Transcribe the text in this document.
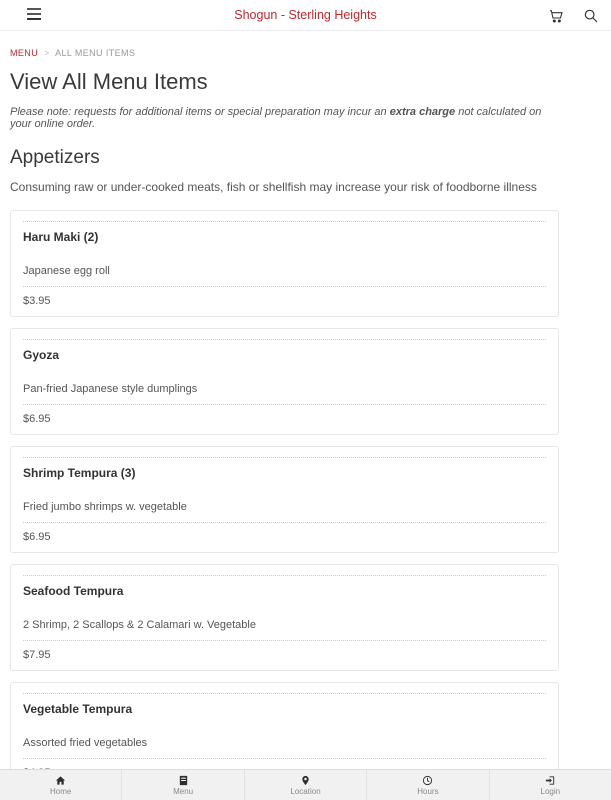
Shogun - Sterling Heights
MENU > ALL MENU ITEMS
View All Menu Items

Please note: requests for additional items or special preparation may incur an extra charge not calculated on your online order.

Appetizers

Consuming raw or under-cooked meats, fish or shellfish may increase your risk of foodborne illness

Haru Maki (2)
Japanese egg roll
$3.95
Gyoza
Pan-fried Japanese style dumplings
$6.95
Shrimp Tempura (3)
Fried jumbo shrimps w. vegetable
$6.95
Seafood Tempura
2 Shrimp, 2 Scallops & 2 Calamari w. Vegetable
$7.95
Vegetable Tempura
Assorted fried vegetables
Home	Menu	Location	Hours	Login
